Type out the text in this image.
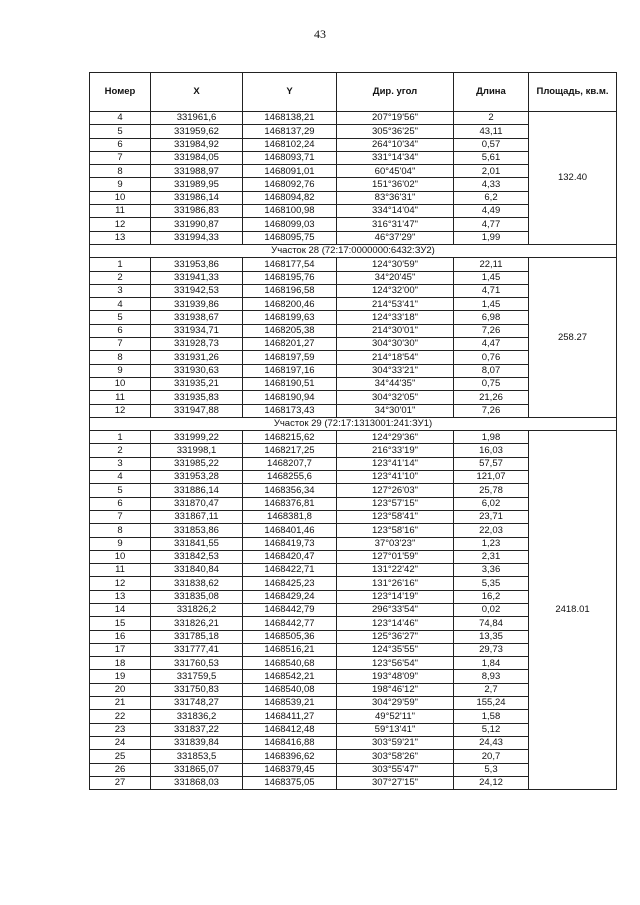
43
Номер	X	Y	Дир. угол	Длина	Площадь, кв.м.
4	331961,6	1468138,21	207°19'56"	2	132.40
5	331959,62	1468137,29	305°36'25"	43,11	
6	331984,92	1468102,24	264°10'34"	0,57	
7	331984,05	1468093,71	331°14'34"	5,61	
8	331988,97	1468091,01	60°45'04"	2,01	
9	331989,95	1468092,76	151°36'02"	4,33	
10	331986,14	1468094,82	83°36'31"	6,2	
11	331986,83	1468100,98	334°14'04"	4,49	
12	331990,87	1468099,03	316°31'47"	4,77	
13	331994,33	1468095,75	46°37'29"	1,99	
Участок 28 (72:17:0000000:6432:ЗУ2)					
1	331953,86	1468177,54	124°30'59"	22,11	258.27
2	331941,33	1468195,76	34°20'45"	1,45	
3	331942,53	1468196,58	124°32'00"	4,71	
4	331939,86	1468200,46	214°53'41"	1,45	
5	331938,67	1468199,63	124°33'18"	6,98	
6	331934,71	1468205,38	214°30'01"	7,26	
7	331928,73	1468201,27	304°30'30"	4,47	
8	331931,26	1468197,59	214°18'54"	0,76	
9	331930,63	1468197,16	304°33'21"	8,07	
10	331935,21	1468190,51	34°44'35"	0,75	
11	331935,83	1468190,94	304°32'05"	21,26	
12	331947,88	1468173,43	34°30'01"	7,26	
Участок 29 (72:17:1313001:241:ЗУ1)					
1	331999,22	1468215,62	124°29'36"	1,98	2418.01
2	331998,1	1468217,25	216°33'19"	16,03	
3	331985,22	1468207,7	123°41'14"	57,57	
4	331953,28	1468255,6	123°41'10"	121,07	
5	331886,14	1468356,34	127°26'03"	25,78	
6	331870,47	1468376,81	123°57'15"	6,02	
7	331867,11	1468381,8	123°58'41"	23,71	
8	331853,86	1468401,46	123°58'16"	22,03	
9	331841,55	1468419,73	37°03'23"	1,23	
10	331842,53	1468420,47	127°01'59"	2,31	
11	331840,84	1468422,71	131°22'42"	3,36	
12	331838,62	1468425,23	131°26'16"	5,35	
13	331835,08	1468429,24	123°14'19"	16,2	
14	331826,2	1468442,79	296°33'54"	0,02	
15	331826,21	1468442,77	123°14'46"	74,84	
16	331785,18	1468505,36	125°36'27"	13,35	
17	331777,41	1468516,21	124°35'55"	29,73	
18	331760,53	1468540,68	123°56'54"	1,84	
19	331759,5	1468542,21	193°48'09"	8,93	
20	331750,83	1468540,08	198°46'12"	2,7	
21	331748,27	1468539,21	304°29'59"	155,24	
22	331836,2	1468411,27	49°52'11"	1,58	
23	331837,22	1468412,48	59°13'41"	5,12	
24	331839,84	1468416,88	303°59'21"	24,43	
25	331853,5	1468396,62	303°58'26"	20,7	
26	331865,07	1468379,45	303°55'47"	5,3	
27	331868,03	1468375,05	307°27'15"	24,12	
